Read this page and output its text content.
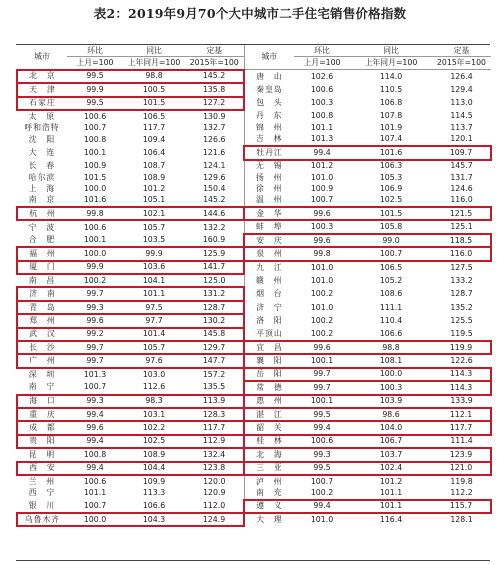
表2：2019年9月70个大中城市二手住宅销售价格指数
城市	环比	同比	定基	城市	环比	同比	定基
	上月=100	上年同月=100	2015年=100		上月=100	上年同月=100	2015年=100
北　京	99.5	98.8	145.2	唐　山	102.6	114.0	126.4
天　津	99.9	100.5	135.8	秦皇岛	100.6	110.5	129.4
石家庄	99.5	101.5	127.2	包　头	100.3	106.8	113.0
太　原	100.6	106.5	130.9	丹　东	100.8	107.8	114.5
呼和浩特	100.7	117.7	132.7	锦　州	101.1	101.9	113.7
沈　阳	100.8	109.4	126.6	吉　林	101.3	107.4	120.1
大　连	100.1	106.4	121.6	牡丹江	99.4	101.6	109.7
长　春	100.9	108.7	124.1	无　锡	101.2	106.3	145.7
哈尔滨	101.5	108.9	129.6	扬　州	101.0	105.3	131.7
上　海	100.0	101.2	150.4	徐　州	100.9	106.9	124.6
南　京	101.6	105.1	145.2	温　州	100.7	102.5	116.0
杭　州	99.8	102.1	144.6	金　华	99.6	101.5	121.5
宁　波	100.6	105.7	132.2	蚌　埠	100.3	105.8	125.1
合　肥	100.1	103.5	160.9	安　庆	99.6	99.0	118.5
福　州	100.0	99.9	125.9	泉　州	99.8	100.7	116.0
厦　门	99.9	103.6	141.7	九　江	101.0	106.5	127.5
南　昌	100.2	104.1	125.0	赣　州	101.0	105.2	133.2
济　南	99.7	101.1	131.2	烟　台	100.2	108.6	128.7
青　岛	99.3	97.5	128.7	济　宁	101.0	111.1	135.2
郑　州	99.6	97.7	130.2	洛　阳	100.2	110.4	125.5
武　汉	99.2	101.4	145.8	平顶山	100.2	106.6	119.5
长　沙	99.7	105.7	129.7	宜　昌	99.6	98.8	119.9
广　州	99.7	97.6	147.7	襄　阳	100.1	108.1	122.6
深　圳	101.3	103.0	157.2	岳　阳	99.7	100.0	114.3
南　宁	100.7	112.6	135.5	常　德	99.7	100.3	114.3
海　口	99.3	98.3	113.9	惠　州	100.1	103.9	133.9
重　庆	99.4	103.1	128.3	湛　江	99.5	98.6	112.1
成　都	99.6	102.2	117.7	韶　关	99.4	104.0	117.7
贵　阳	99.4	102.5	112.9	桂　林	100.6	106.7	111.4
昆　明	100.8	108.9	132.4	北　海	99.3	103.7	123.9
西　安	99.4	104.4	123.8	三　亚	99.5	102.4	121.0
兰　州	100.6	109.9	120.0	泸　州	100.7	101.2	119.8
西　宁	101.1	113.3	120.9	南　充	100.2	101.1	112.2
银　川	100.7	106.6	112.0	遵　义	99.4	101.1	115.7
乌鲁木齐	100.0	104.3	124.9	大　理	101.0	116.4	128.1
